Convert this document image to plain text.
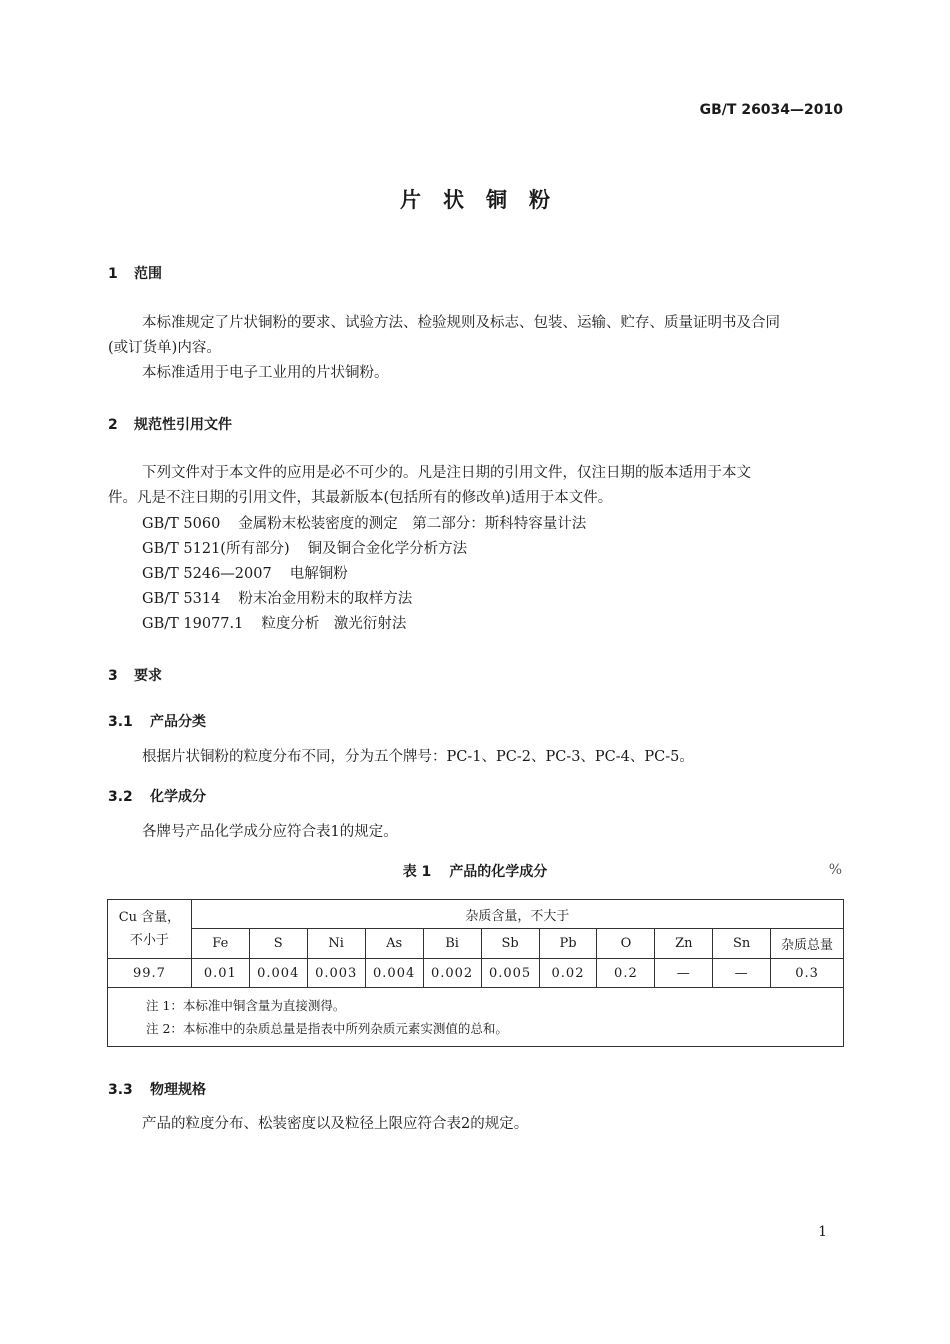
GB/T 26034—2010
片状铜粉
1 范围
本标准规定了片状铜粉的要求、试验方法、检验规则及标志、包装、运输、贮存、质量证明书及合同
(或订货单)内容。
本标准适用于电子工业用的片状铜粉。
2 规范性引用文件
下列文件对于本文件的应用是必不可少的。凡是注日期的引用文件，仅注日期的版本适用于本文
件。凡是不注日期的引用文件，其最新版本(包括所有的修改单)适用于本文件。
GB/T 5060 金属粉末松装密度的测定　第二部分：斯科特容量计法
GB/T 5121(所有部分) 铜及铜合金化学分析方法
GB/T 5246—2007 电解铜粉
GB/T 5314 粉末冶金用粉末的取样方法
GB/T 19077.1 粒度分析　激光衍射法
3 要求
3.1 产品分类
根据片状铜粉的粒度分布不同，分为五个牌号：PC-1、PC-2、PC-3、PC-4、PC-5。
3.2 化学成分
各牌号产品化学成分应符合表1的规定。
表 1 产品的化学成分	%
Cu 含量，
不小于	杂质含量，不大于										
	Fe	S	Ni	As	Bi	Sb	Pb	O	Zn	Sn	杂质总量
99.7	0.01	0.004	0.003	0.004	0.002	0.005	0.02	0.2	—	—	0.3

注 1：本标准中铜含量为直接测得。
注 2：本标准中的杂质总量是指表中所列杂质元素实测值的总和。											
3.3 物理规格
产品的粒度分布、松装密度以及粒径上限应符合表2的规定。
1
